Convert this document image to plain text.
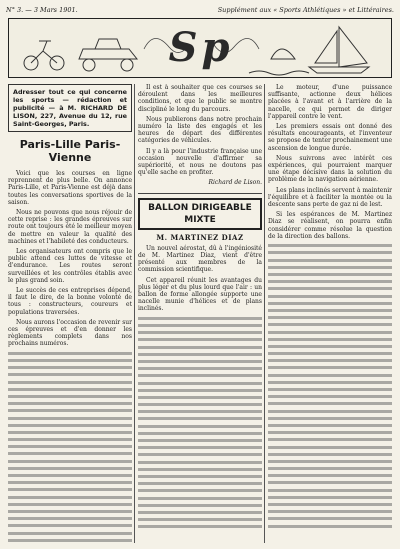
N° 3. — 3 Mars 1901.	Supplément aux « Sports Athlétiques » et Littéraires.
Sp
Adresser tout ce qui concerne les sports — rédaction et publicité — à M. RICHARD DE LISON, 227, Avenue du 12, rue Saint-Georges, Paris.
Paris-Lille Paris-Vienne

Voici que les courses en ligne reprennent de plus belle. On annonce Paris-Lille, et Paris-Vienne est déjà dans toutes les conversations sportives de la saison.

Nous ne pouvons que nous réjouir de cette reprise : les grandes épreuves sur route ont toujours été le meilleur moyen de mettre en valeur la qualité des machines et l'habileté des conducteurs.

Les organisateurs ont compris que le public attend ces luttes de vitesse et d'endurance. Les routes seront surveillées et les contrôles établis avec le plus grand soin.

Le succès de ces entreprises dépend, il faut le dire, de la bonne volonté de tous : constructeurs, coureurs et populations traversées.

Nous aurons l'occasion de revenir sur ces épreuves et d'en donner les règlements complets dans nos prochains numéros.

Il est à souhaiter que ces courses se déroulent dans les meilleures conditions, et que le public se montre discipliné le long du parcours.

Nous publierons dans notre prochain numéro la liste des engagés et les heures de départ des différentes catégories de véhicules.

Il y a là pour l'industrie française une occasion nouvelle d'affirmer sa supériorité, et nous ne doutons pas qu'elle sache en profiter.

Richard de Lison.
BALLON DIRIGEABLE MIXTE
M. MARTINEZ DIAZ

Un nouvel aérostat, dû à l'ingéniosité de M. Martinez Diaz, vient d'être présenté aux membres de la commission scientifique.

Cet appareil réunit les avantages du plus léger et du plus lourd que l'air : un ballon de forme allongée supporte une nacelle munie d'hélices et de plans inclinés.

Le moteur, d'une puissance suffisante, actionne deux hélices placées à l'avant et à l'arrière de la nacelle, ce qui permet de diriger l'appareil contre le vent.

Les premiers essais ont donné des résultats encourageants, et l'inventeur se propose de tenter prochainement une ascension de longue durée.

Nous suivrons avec intérêt ces expériences, qui pourraient marquer une étape décisive dans la solution du problème de la navigation aérienne.

Les plans inclinés servent à maintenir l'équilibre et à faciliter la montée ou la descente sans perte de gaz ni de lest.

Si les espérances de M. Martinez Diaz se réalisent, on pourra enfin considérer comme résolue la question de la direction des ballons.
